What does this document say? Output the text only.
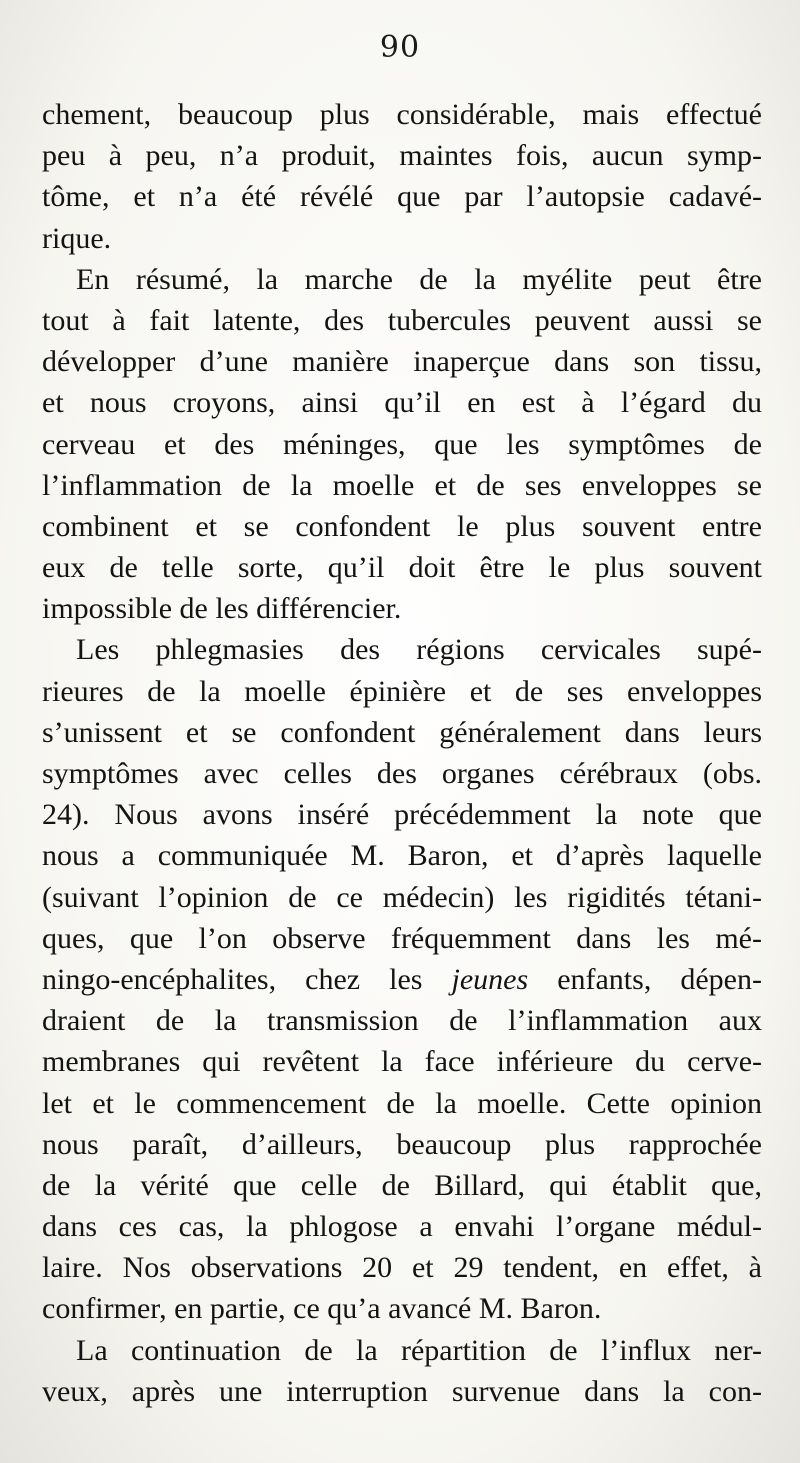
90
chement, beaucoup plus considérable, mais effectué
peu à peu, n’a produit, maintes fois, aucun symp-
tôme, et n’a été révélé que par l’autopsie cadavé-
rique.
En résumé, la marche de la myélite peut être
tout à fait latente, des tubercules peuvent aussi se
développer d’une manière inaperçue dans son tissu,
et nous croyons, ainsi qu’il en est à l’égard du
cerveau et des méninges, que les symptômes de
l’inflammation de la moelle et de ses enveloppes se
combinent et se confondent le plus souvent entre
eux de telle sorte, qu’il doit être le plus souvent
impossible de les différencier.
Les phlegmasies des régions cervicales supé-
rieures de la moelle épinière et de ses enveloppes
s’unissent et se confondent généralement dans leurs
symptômes avec celles des organes cérébraux (obs.
24). Nous avons inséré précédemment la note que
nous a communiquée M. Baron, et d’après laquelle
(suivant l’opinion de ce médecin) les rigidités tétani-
ques, que l’on observe fréquemment dans les mé-
ningo-encéphalites, chez les jeunes enfants, dépen-
draient de la transmission de l’inflammation aux
membranes qui revêtent la face inférieure du cerve-
let et le commencement de la moelle. Cette opinion
nous paraît, d’ailleurs, beaucoup plus rapprochée
de la vérité que celle de Billard, qui établit que,
dans ces cas, la phlogose a envahi l’organe médul-
laire. Nos observations 20 et 29 tendent, en effet, à
confirmer, en partie, ce qu’a avancé M. Baron.
La continuation de la répartition de l’influx ner-
veux, après une interruption survenue dans la con-
